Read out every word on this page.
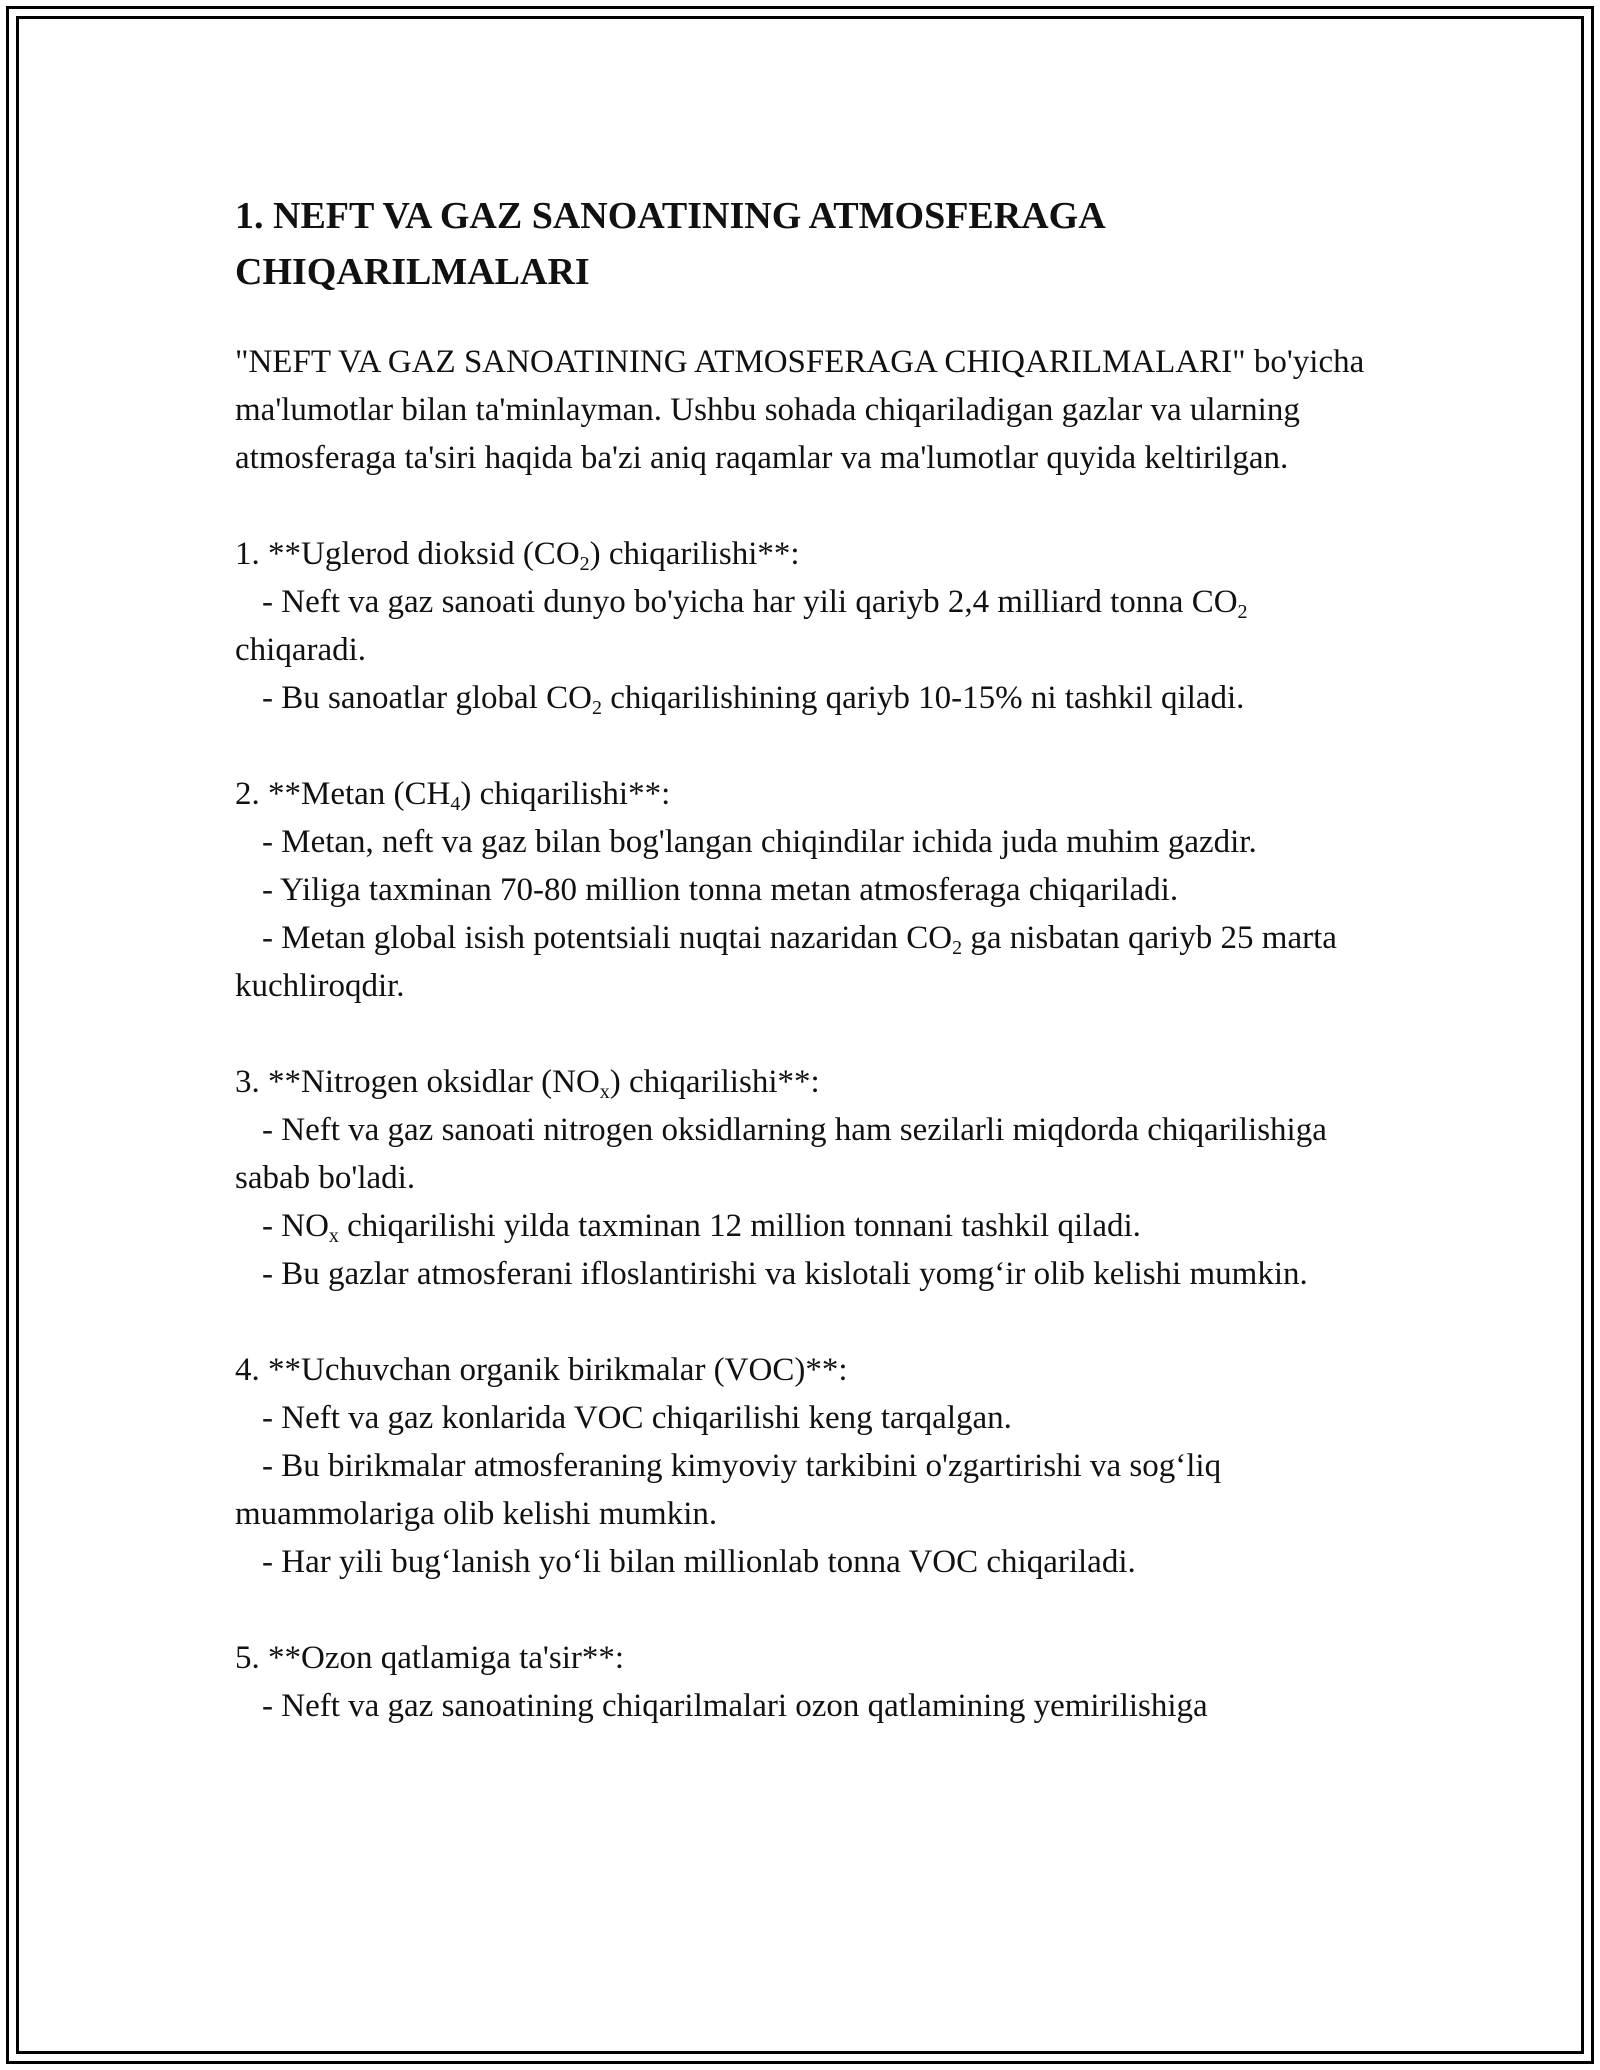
1. NEFT VA GAZ SANOATINING ATMOSFERAGA CHIQARILMALARI

"NEFT VA GAZ SANOATINING ATMOSFERAGA CHIQARILMALARI" bo'yicha ma'lumotlar bilan ta'minlayman. Ushbu sohada chiqariladigan gazlar va ularning atmosferaga ta'siri haqida ba'zi aniq raqamlar va ma'lumotlar quyida keltirilgan.

1. **Uglerod dioksid $(CO_2)$ chiqarilishi**:
- Neft va gaz sanoati dunyo bo'yicha har yili qariyb 2,4 milliard tonna $CO_2$ chiqaradi.
- Bu sanoatlar global $CO_2$ chiqarilishining qariyb 10-15% ni tashkil qiladi.

2. **Metan $(CH_4)$ chiqarilishi**:
- Metan, neft va gaz bilan bog'langan chiqindilar ichida juda muhim gazdir.
- Yiliga taxminan 70-80 million tonna metan atmosferaga chiqariladi.
- Metan global isish potentsiali nuqtai nazaridan $CO_2$ ga nisbatan qariyb 25 marta kuchliroqdir.

3. **Nitrogen oksidlar $(NO_x)$ chiqarilishi**:
- Neft va gaz sanoati nitrogen oksidlarning ham sezilarli miqdorda chiqarilishiga sabab bo'ladi.
- $NO_x$ chiqarilishi yilda taxminan 12 million tonnani tashkil qiladi.
- Bu gazlar atmosferani ifloslantirishi va kislotali yomg‘ir olib kelishi mumkin.

4. **Uchuvchan organik birikmalar (VOC)**:
- Neft va gaz konlarida VOC chiqarilishi keng tarqalgan.
- Bu birikmalar atmosferaning kimyoviy tarkibini o'zgartirishi va sog‘liq muammolariga olib kelishi mumkin.
- Har yili bug‘lanish yo‘li bilan millionlab tonna VOC chiqariladi.

5. **Ozon qatlamiga ta'sir**:
- Neft va gaz sanoatining chiqarilmalari ozon qatlamining yemirilishiga
